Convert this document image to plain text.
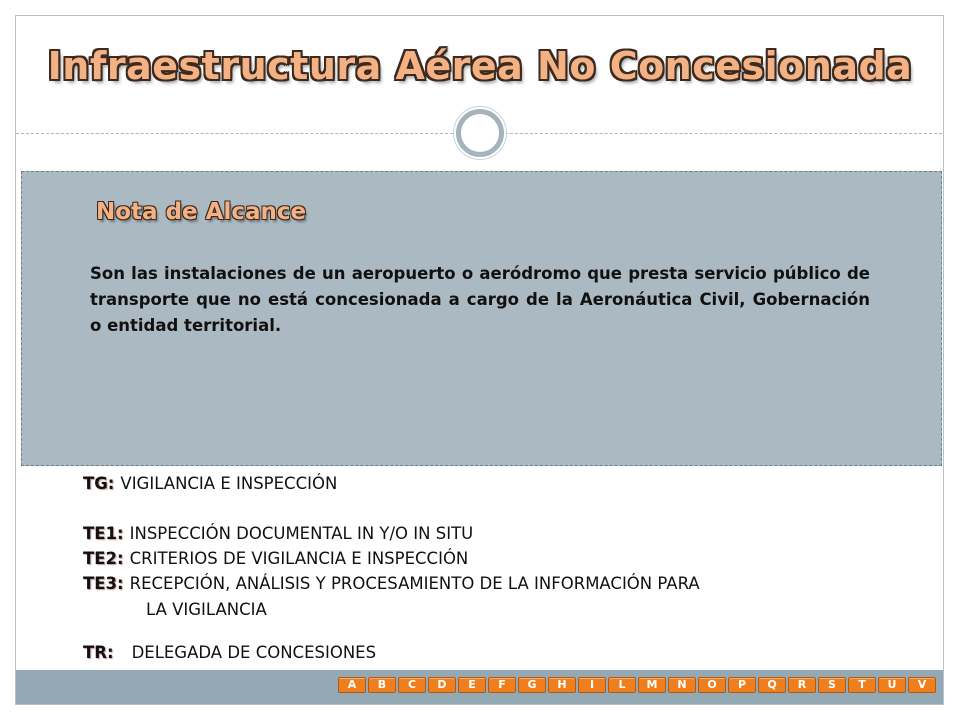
Infraestructura Aérea No Concesionada
Nota de Alcance
Son las instalaciones de un aeropuerto o aeródromo que presta servicio público de transporte que no está concesionada a cargo de la Aeronáutica Civil, Gobernación o entidad territorial.
TG: VIGILANCIA E INSPECCIÓN
TE1: INSPECCIÓN DOCUMENTAL IN Y/O IN SITU
TE2: CRITERIOS DE VIGILANCIA E INSPECCIÓN
TE3: RECEPCIÓN, ANÁLISIS Y PROCESAMIENTO DE LA INFORMACIÓN PARA
LA VIGILANCIA
TR: DELEGADA DE CONCESIONES
A	B	C	D	E	F	G	H	I	L	M	N	O	P	Q	R	S	T	U	V
